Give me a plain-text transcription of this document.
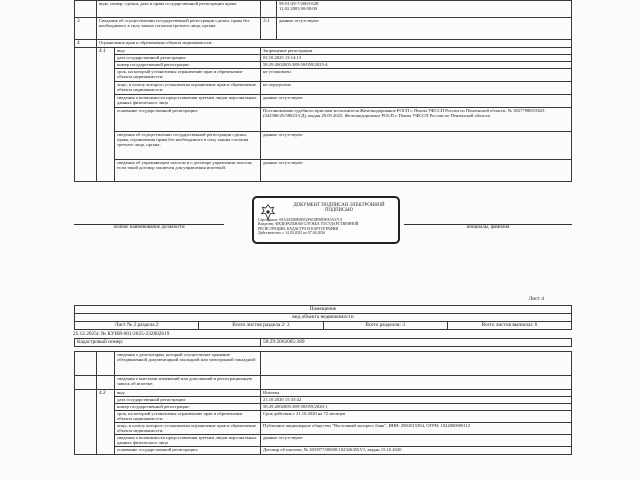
	виде, номер, сделки, дата и права государственной регистрации права.		58-01/29-7/2003-628
11.02.2003 00:00:00
3	Сведения об осуществлении государственной регистрации сделки, права без необходимого в силу закона согласия третьего лица, органа:	3.1	данные отсутствуют
4	Ограничение прав и обременение объекта недвижимости:		
	4.1	вид:	Запрещение регистрации
		дата государственной регистрации:	02.10.2025 13:14:13
		номер государственной регистрации:	58:29:2002005:389-58/059/2025-4
		срок, на который установлены ограничение прав и обременение объекта недвижимости:	не установлен
		лицо, в пользу которого установлены ограничение прав и обременение объекта недвижимости:	не определено
		сведения о возможности предоставления третьим лицам персональных данных физического лица	данные отсутствуют
		основание государственной регистрации:	Постановление судебного пристава-исполнителя Железнодорожное РОСП г. Пензы УФССП России по Пензенской области, № 382779885/5823 (342386/25/58023-СД), выдан 29.09.2025, Железнодорожное РОСП г. Пензы УФССП России по Пензенской области
		сведения об осуществлении государственной регистрации сделки, права, ограничения права без необходимого в силу закона согласия третьего лица, органа:	данные отсутствуют
		сведения об управляющем залогом и о договоре управления залогом, если такой договор заключен для управления ипотекой:	данные отсутствуют
полное наименование должности	инициалы, фамилия
ДОКУМЕНТ ПОДПИСАН ЭЛЕКТРОННОЙ ПОДПИСЬЮ
Сертификат: 00A4A5D0E0B52F6C8E90DFA9A371A
Владелец: ФЕДЕРАЛЬНАЯ СЛУЖБА ГОСУДАРСТВЕННОЙ
РЕГИСТРАЦИИ, КАДАСТРА И КАРТОГРАФИИ
Действителен: с 14.03.2025 по 07.06.2026
Лист 4
Помещение
вид объекта недвижимости
Лист № 2 раздела 2	Всего листов раздела 2: 3	Всего разделов: 3	Всего листов выписки: 6
25.12.2025г. № КУВИ-001/2025-232802619
Кадастровый номер:	58:29:2002005:389
		сведения о депозитарии, который осуществляет хранение обездвиженной документарной закладной или электронной закладной:	
		сведения о внесении изменений или дополнений в регистрационную запись об ипотеке:	
	4.2	вид:	Ипотека
		дата государственной регистрации:	21.10.2020 15:33:42
		номер государственной регистрации:	58:29:2002005:389-58/059/2020-1
		срок, на который установлены ограничение прав и обременение объекта недвижимости:	Срок действия с 21.10.2020 на 72 месяцев
		лицо, в пользу которого установлены ограничение прав и обременение объекта недвижимости:	Публичное акционерное общество "Восточный экспресс банк", ИНН: 2801015394, ОГРН: 1022800000112
		сведения о возможности предоставления третьим лицам персональных данных физического лица	данные отсутствуют
		основание государственной регистрации:	Договор об ипотеке, № 20/0977/00000/102326/ZKV1, выдан 15.10.2020
